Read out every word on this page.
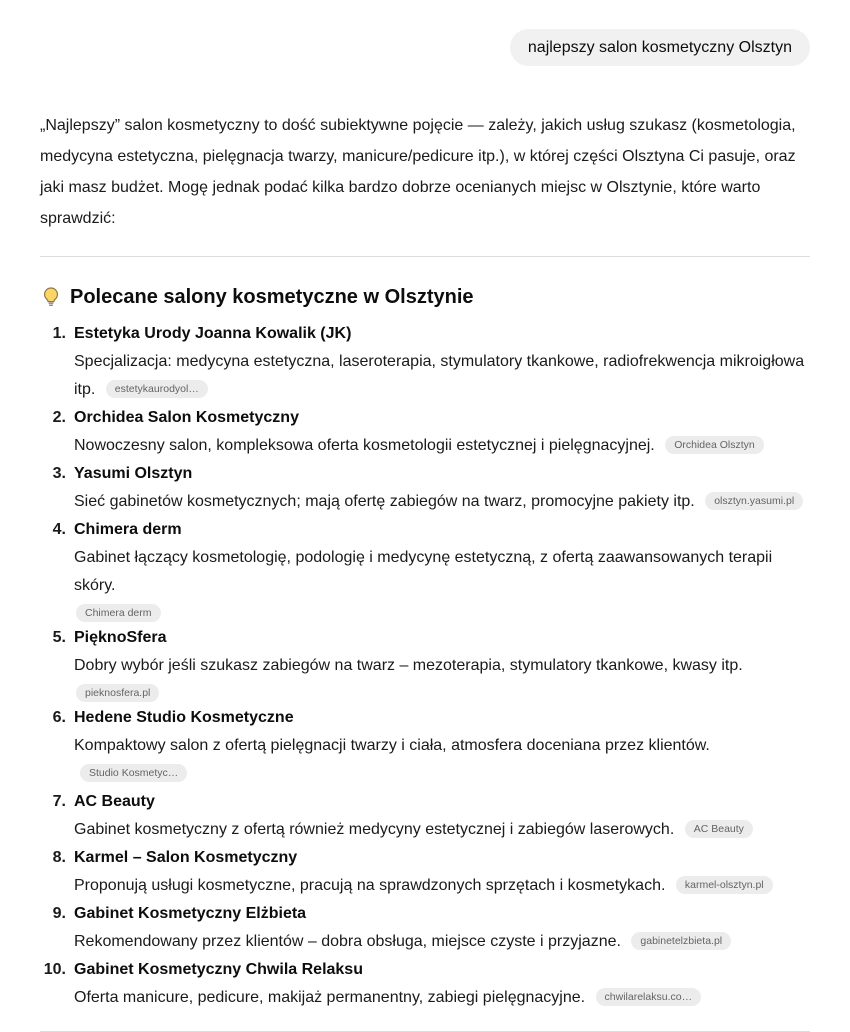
najlepszy salon kosmetyczny Olsztyn

„Najlepszy” salon kosmetyczny to dość subiektywne pojęcie — zależy, jakich usług szukasz (kosmetologia, medycyna estetyczna, pielęgnacja twarzy, manicure/pedicure itp.), w której części Olsztyna Ci pasuje, oraz jaki masz budżet. Mogę jednak podać kilka bardzo dobrze ocenianych miejsc w Olsztynie, które warto sprawdzić:

Polecane salony kosmetyczne w Olsztynie
1. Estetyka Urody Joanna Kowalik (JK)
Specjalizacja: medycyna estetyczna, laseroterapia, stymulatory tkankowe, radiofrekwencja mikroigłowa itp. estetykaurodyol…
2. Orchidea Salon Kosmetyczny
Nowoczesny salon, kompleksowa oferta kosmetologii estetycznej i pielęgnacyjnej. Orchidea Olsztyn
3. Yasumi Olsztyn
Sieć gabinetów kosmetycznych; mają ofertę zabiegów na twarz, promocyjne pakiety itp. olsztyn.yasumi.pl
4. Chimera derm
Gabinet łączący kosmetologię, podologię i medycynę estetyczną, z ofertą zaawansowanych terapii skóry.
Chimera derm
5. PięknoSfera
Dobry wybór jeśli szukasz zabiegów na twarz – mezoterapia, stymulatory tkankowe, kwasy itp.
pieknosfera.pl
6. Hedene Studio Kosmetyczne
Kompaktowy salon z ofertą pielęgnacji twarzy i ciała, atmosfera doceniana przez klientów. Studio Kosmetyc…
7. AC Beauty
Gabinet kosmetyczny z ofertą również medycyny estetycznej i zabiegów laserowych. AC Beauty
8. Karmel – Salon Kosmetyczny
Proponują usługi kosmetyczne, pracują na sprawdzonych sprzętach i kosmetykach. karmel-olsztyn.pl
9. Gabinet Kosmetyczny Elżbieta
Rekomendowany przez klientów – dobra obsługa, miejsce czyste i przyjazne. gabinetelzbieta.pl
10. Gabinet Kosmetyczny Chwila Relaksu
Oferta manicure, pedicure, makijaż permanentny, zabiegi pielęgnacyjne. chwilarelaksu.co…
